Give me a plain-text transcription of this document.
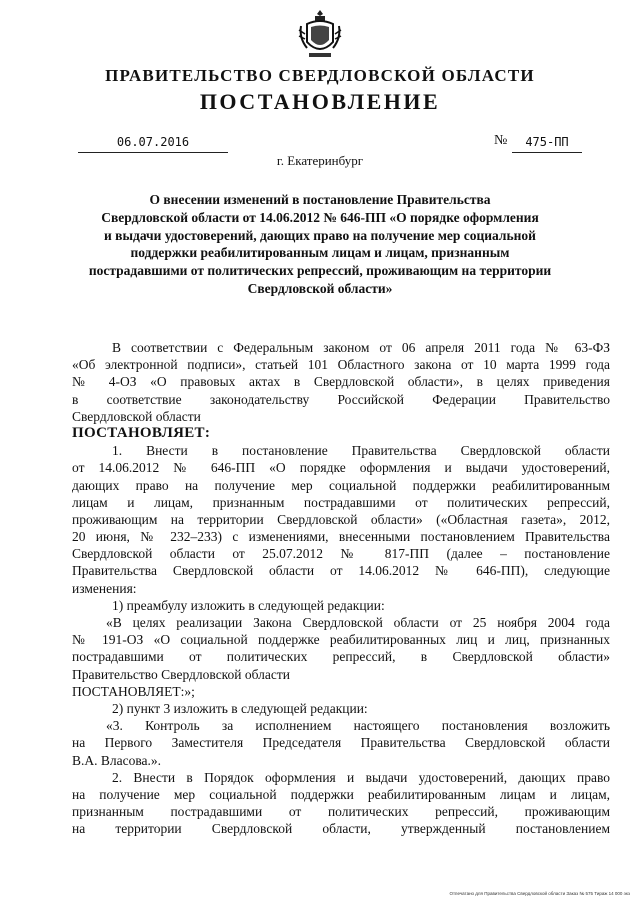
ПРАВИТЕЛЬСТВО СВЕРДЛОВСКОЙ ОБЛАСТИ
ПОСТАНОВЛЕНИЕ
06.07.2016	№	475-ПП
г. Екатеринбург
О внесении изменений в постановление Правительства
Свердловской области от 14.06.2012 № 646-ПП «О порядке оформления
и выдачи удостоверений, дающих право на получение мер социальной
поддержки реабилитированным лицам и лицам, признанным
пострадавшими от политических репрессий, проживающим на территории
Свердловской области»
В соответствии с Федеральным законом от 06 апреля 2011 года № 63-ФЗ
«Об электронной подписи», статьей 101 Областного закона от 10 марта 1999 года
№ 4-ОЗ «О правовых актах в Свердловской области», в целях приведения
в соответствие законодательству Российской Федерации Правительство
Свердловской области
ПОСТАНОВЛЯЕТ:
1. Внести в постановление Правительства Свердловской области
от 14.06.2012 № 646-ПП «О порядке оформления и выдачи удостоверений,
дающих право на получение мер социальной поддержки реабилитированным
лицам и лицам, признанным пострадавшими от политических репрессий,
проживающим на территории Свердловской области» («Областная газета», 2012,
20 июня, № 232–233) с изменениями, внесенными постановлением Правительства
Свердловской области от 25.07.2012 № 817-ПП (далее – постановление
Правительства Свердловской области от 14.06.2012 № 646-ПП), следующие
изменения:
1) преамбулу изложить в следующей редакции:
«В целях реализации Закона Свердловской области от 25 ноября 2004 года
№ 191-ОЗ «О социальной поддержке реабилитированных лиц и лиц, признанных
пострадавшими от политических репрессий, в Свердловской области»
Правительство Свердловской области
ПОСТАНОВЛЯЕТ:»;
2) пункт 3 изложить в следующей редакции:
«3. Контроль за исполнением настоящего постановления возложить
на Первого Заместителя Председателя Правительства Свердловской области
В.А. Власова.».
2. Внести в Порядок оформления и выдачи удостоверений, дающих право
на получение мер социальной поддержки реабилитированным лицам и лицам,
признанным пострадавшими от политических репрессий, проживающим
на территории Свердловской области, утвержденный постановлением
Отпечатано для Правительства Свердловской области Заказ № 575 Тираж 14 000 экз
